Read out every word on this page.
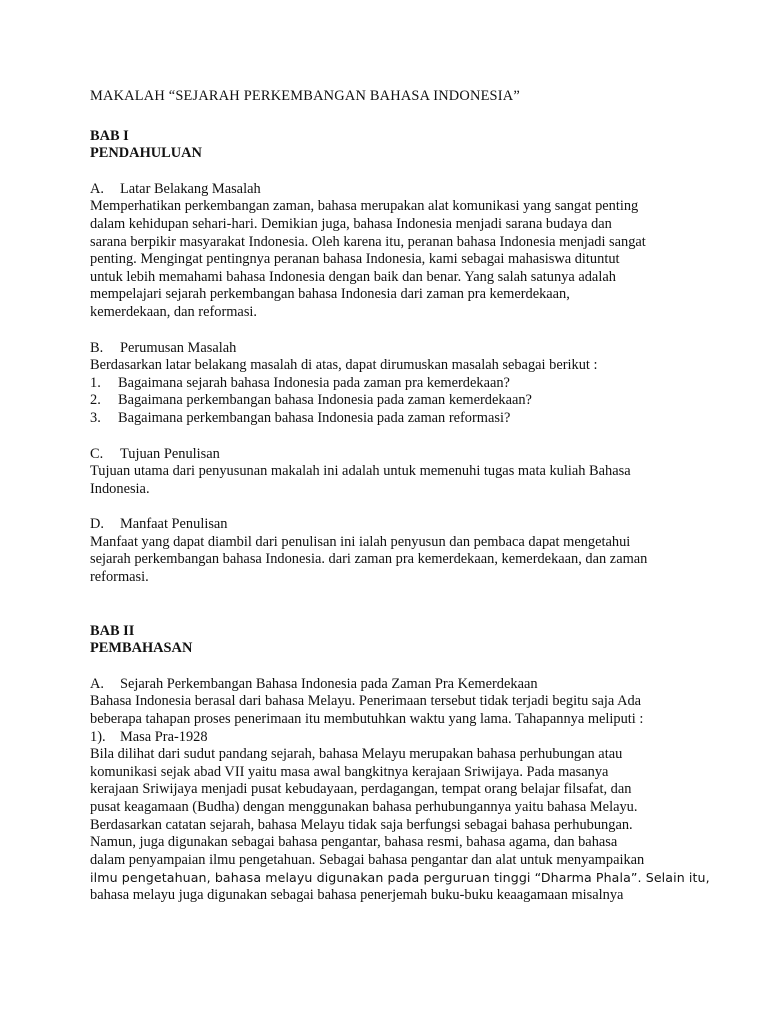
MAKALAH “SEJARAH PERKEMBANGAN BAHASA INDONESIA”

BAB I

PENDAHULUAN

A. Latar Belakang Masalah

Memperhatikan perkembangan zaman, bahasa merupakan alat komunikasi yang sangat penting
dalam kehidupan sehari-hari. Demikian juga, bahasa Indonesia menjadi sarana budaya dan
sarana berpikir masyarakat Indonesia. Oleh karena itu, peranan bahasa Indonesia menjadi sangat
penting. Mengingat pentingnya peranan bahasa Indonesia, kami sebagai mahasiswa dituntut
untuk lebih memahami bahasa Indonesia dengan baik dan benar. Yang salah satunya adalah
mempelajari sejarah perkembangan bahasa Indonesia dari zaman pra kemerdekaan,
kemerdekaan, dan reformasi.

B. Perumusan Masalah

Berdasarkan latar belakang masalah di atas, dapat dirumuskan masalah sebagai berikut :

1. Bagaimana sejarah bahasa Indonesia pada zaman pra kemerdekaan?
2. Bagaimana perkembangan bahasa Indonesia pada zaman kemerdekaan?
3. Bagaimana perkembangan bahasa Indonesia pada zaman reformasi?

C. Tujuan Penulisan

Tujuan utama dari penyusunan makalah ini adalah untuk memenuhi tugas mata kuliah Bahasa
Indonesia.

D. Manfaat Penulisan

Manfaat yang dapat diambil dari penulisan ini ialah penyusun dan pembaca dapat mengetahui
sejarah perkembangan bahasa Indonesia. dari zaman pra kemerdekaan, kemerdekaan, dan zaman
reformasi.

BAB II

PEMBAHASAN

A. Sejarah Perkembangan Bahasa Indonesia pada Zaman Pra Kemerdekaan

Bahasa Indonesia berasal dari bahasa Melayu. Penerimaan tersebut tidak terjadi begitu saja Ada
beberapa tahapan proses penerimaan itu membutuhkan waktu yang lama. Tahapannya meliputi :

1). Masa Pra-1928

Bila dilihat dari sudut pandang sejarah, bahasa Melayu merupakan bahasa perhubungan atau
komunikasi sejak abad VII yaitu masa awal bangkitnya kerajaan Sriwijaya. Pada masanya
kerajaan Sriwijaya menjadi pusat kebudayaan, perdagangan, tempat orang belajar filsafat, dan
pusat keagamaan (Budha) dengan menggunakan bahasa perhubungannya yaitu bahasa Melayu.
Berdasarkan catatan sejarah, bahasa Melayu tidak saja berfungsi sebagai bahasa perhubungan.
Namun, juga digunakan sebagai bahasa pengantar, bahasa resmi, bahasa agama, dan bahasa
dalam penyampaian ilmu pengetahuan. Sebagai bahasa pengantar dan alat untuk menyampaikan
ilmu pengetahuan, bahasa melayu digunakan pada perguruan tinggi “Dharma Phala”. Selain itu,
bahasa melayu juga digunakan sebagai bahasa penerjemah buku-buku keaagamaan misalnya
